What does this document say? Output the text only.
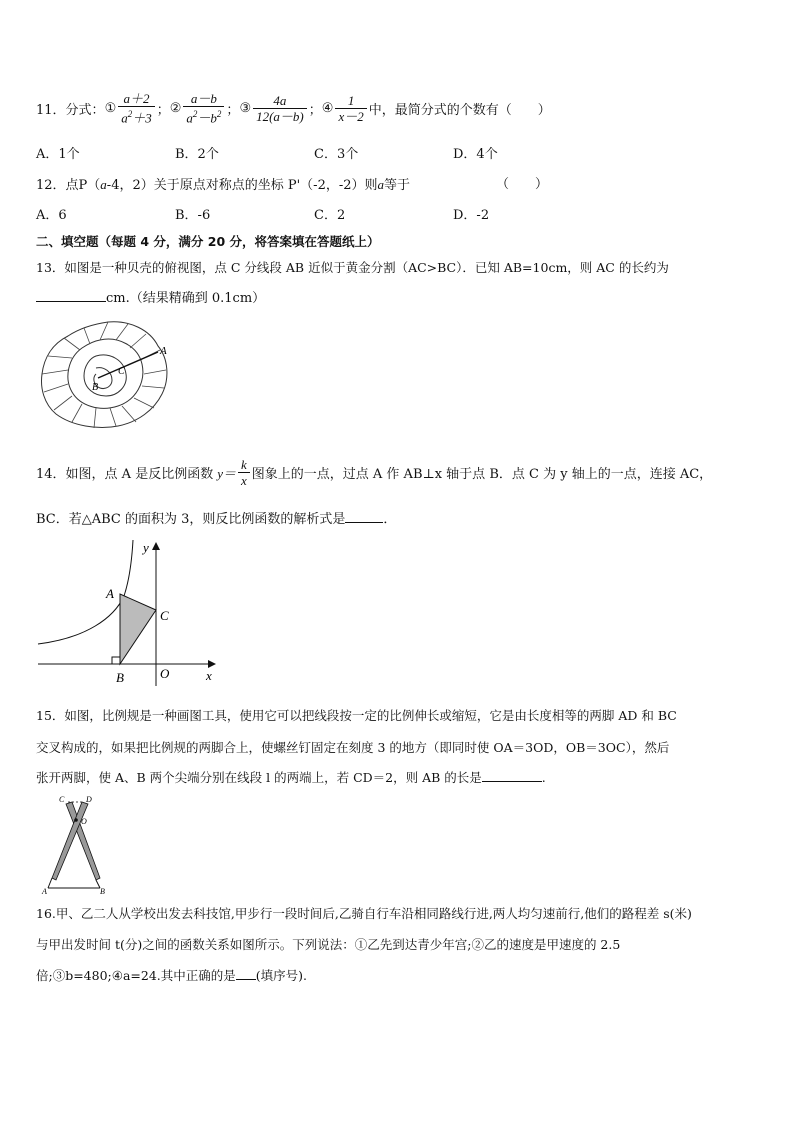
11． 分式： ① $\frac{a+2}{a^2+3}$ ； ② $\frac{a-b}{a^2-b^2}$ ； ③ $\frac{4a}{12(a-b)}$ ； ④ $\frac{1}{x-2}$ 中，最简分式的个数有（　　）
A．1个	B．2个	C．3个	D．4个
12．点P（a-4，2）关于原点对称点的坐标 P'（-2，-2）则a等于	（　　）
A．6	B．-6	C．2	D．-2
二、填空题（每题 4 分，满分 20 分，将答案填在答题纸上）
13．如图是一种贝壳的俯视图，点 C 分线段 AB 近似于黄金分割（AC>BC）．已知 AB=10cm，则 AC 的长约为
cm.（结果精确到 0.1cm）
A
C
B
14．如图，点 A 是反比例函数 $y= \frac{k}{x}$ 图象上的一点，过点 A 作 AB⊥x 轴于点 B．点 C 为 y 轴上的一点，连接 AC，
BC．若△ABC 的面积为 3，则反比例函数的解析式是	．
y
x
A
B
C
O
15．如图，比例规是一种画图工具，使用它可以把线段按一定的比例伸长或缩短，它是由长度相等的两脚 AD 和 BC
交叉构成的，如果把比例规的两脚合上，使螺丝钉固定在刻度 3 的地方（即同时使 OA＝3OD，OB＝3OC），然后
张开两脚，使 A、B 两个尖端分别在线段 l 的两端上，若 CD＝2，则 AB 的长是	.
C	D
O
A	B
16.甲、乙二人从学校出发去科技馆,甲步行一段时间后,乙骑自行车沿相同路线行进,两人均匀速前行,他们的路程差 s(米)
与甲出发时间 t(分)之间的函数关系如图所示。下列说法：①乙先到达青少年宫;②乙的速度是甲速度的 2.5
倍;③b=480;④a=24.其中正确的是 (填序号).
